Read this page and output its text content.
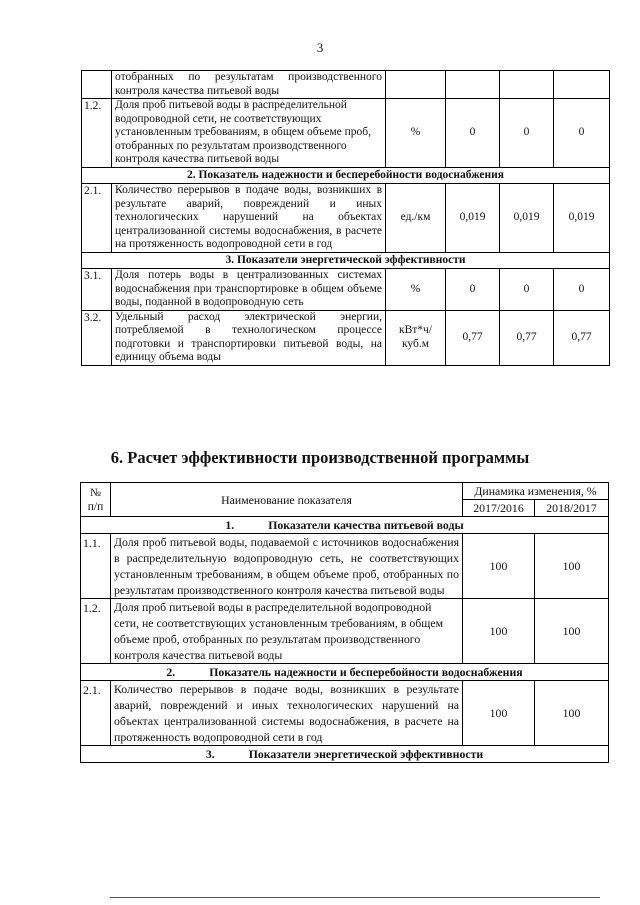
3
	отобранных по результатам производственного контроля качества питьевой воды				
1.2.	Доля проб питьевой воды в распределительной водопроводной сети, не соответствующих установленным требованиям, в общем объеме проб, отобранных по результатам производственного контроля качества питьевой воды	%	0	0	0
2. Показатель надежности и бесперебойности водоснабжения					
2.1.	Количество перерывов в подаче воды, возникших в результате аварий, повреждений и иных технологических нарушений на объектах централизованной системы водоснабжения, в расчете на протяженность водопроводной сети в год	ед./км	0,019	0,019	0,019
3. Показатели энергетической эффективности					
3.1.	Доля потерь воды в централизованных системах водоснабжения при транспортировке в общем объеме воды, поданной в водопроводную сеть	%	0	0	0
3.2.	Удельный расход электрической энергии, потребляемой в технологическом процессе подготовки и транспортировки питьевой воды, на единицу объема воды	кВт*ч/куб.м	0,77	0,77	0,77
6. Расчет эффективности производственной программы
№ п/п	Наименование показателя	Динамика изменения, %	
		2017/2016	2018/2017
1. Показатели качества питьевой воды			
1.1.	Доля проб питьевой воды, подаваемой с источников водоснабжения в распределительную водопроводную сеть, не соответствующих установленным требованиям, в общем объеме проб, отобранных по результатам производственного контроля качества питьевой воды	100	100
1.2.	Доля проб питьевой воды в распределительной водопроводной сети, не соответствующих установленным требованиям, в общем объеме проб, отобранных по результатам производственного контроля качества питьевой воды	100	100
2. Показатель надежности и бесперебойности водоснабжения			
2.1.	Количество перерывов в подаче воды, возникших в результате аварий, повреждений и иных технологических нарушений на объектах централизованной системы водоснабжения, в расчете на протяженность водопроводной сети в год	100	100
3. Показатели энергетической эффективности			
